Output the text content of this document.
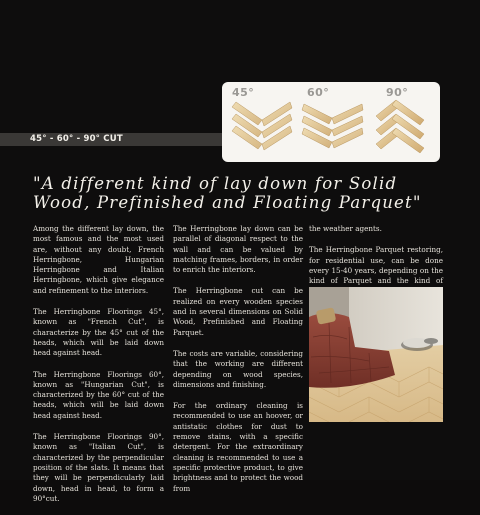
45°	60°	90°
45° - 60° - 90° CUT
"A different kind of lay down for Solid Wood, Prefinished and Floating Parquet"

Among the different lay down, the most famous and the most used are, without any doubt, French Herringbone, Hungarian Herringbone and Italian Herringbone, which give elegance and refinement to the interiors.

The Herringbone Floorings 45°, known as "French Cut", is characterize by the 45° cut of the heads, which will be laid down head against head.

The Herringbone Floorings 60°, known as "Hungarian Cut", is characterized by the 60° cut of the heads, which will be laid down head against head.

The Herringbone Floorings 90°, known as "Italian Cut", is characterized by the perpendicular position of the slats. It means that they will be perpendicularly laid down, head in head, to form a 90°cut.

The Herringbone lay down can be parallel of diagonal respect to the wall and can be valued by matching frames, borders, in order to enrich the interiors.

The Herringbone cut can be realized on every wooden species and in several dimensions on Solid Wood, Prefinished and Floating Parquet.

The costs are variable, considering that the working are different depending on wood species, dimensions and finishing.

For the ordinary cleaning is recommended to use an hoover, or antistatic clothes for dust to remove stains, with a specific detergent. For the extraordinary cleaning is recommended to use a specific protective product, to give brightness and to protect the wood from

the weather agents.

The Herringbone Parquet restoring, for residential use, can be done every 15-40 years, depending on the kind of Parquet and the kind of
